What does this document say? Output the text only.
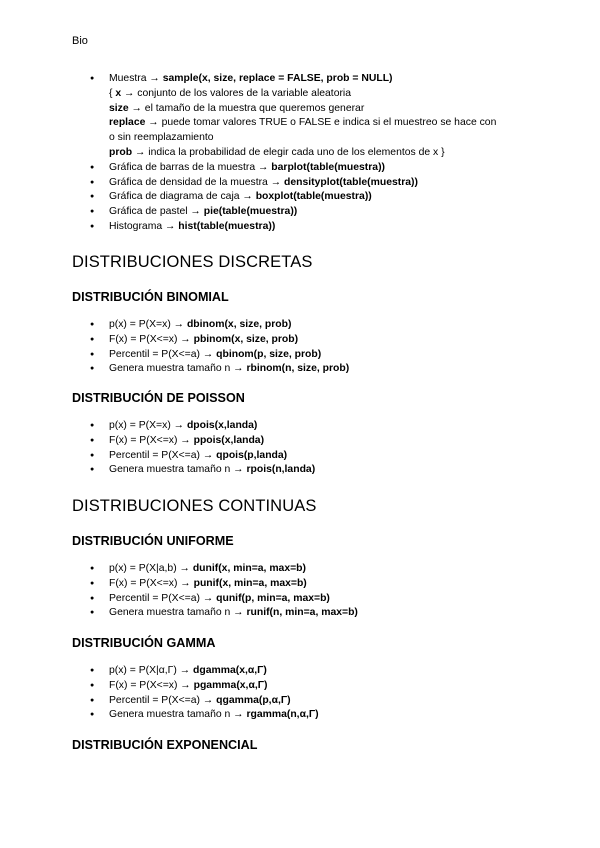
Bio
● Muestra → sample(x, size, replace = FALSE, prob = NULL)
{ x → conjunto de los valores de la variable aleatoria
size → el tamaño de la muestra que queremos generar
replace → puede tomar valores TRUE o FALSE e indica si el muestreo se hace con
o sin reemplazamiento
prob → indica la probabilidad de elegir cada uno de los elementos de x }
● Gráfica de barras de la muestra → barplot(table(muestra))
● Gráfica de densidad de la muestra → densityplot(table(muestra))
● Gráfica de diagrama de caja → boxplot(table(muestra))
● Gráfica de pastel → pie(table(muestra))
● Histograma → hist(table(muestra))
DISTRIBUCIONES DISCRETAS
DISTRIBUCIÓN BINOMIAL
● p(x) = P(X=x) → dbinom(x, size, prob)
● F(x) = P(X<=x) → pbinom(x, size, prob)
● Percentil = P(X<=a) → qbinom(p, size, prob)
● Genera muestra tamaño n → rbinom(n, size, prob)
DISTRIBUCIÓN DE POISSON
● p(x) = P(X=x) → dpois(x,landa)
● F(x) = P(X<=x) → ppois(x,landa)
● Percentil = P(X<=a) → qpois(p,landa)
● Genera muestra tamaño n → rpois(n,landa)
DISTRIBUCIONES CONTINUAS
DISTRIBUCIÓN UNIFORME
● p(x) = P(X|a,b) → dunif(x, min=a, max=b)
● F(x) = P(X<=x) → punif(x, min=a, max=b)
● Percentil = P(X<=a) → qunif(p, min=a, max=b)
● Genera muestra tamaño n → runif(n, min=a, max=b)
DISTRIBUCIÓN GAMMA
● p(x) = P(X|α,Γ) → dgamma(x,α,Γ)
● F(x) = P(X<=x) → pgamma(x,α,Γ)
● Percentil = P(X<=a) → qgamma(p,α,Γ)
● Genera muestra tamaño n → rgamma(n,α,Γ)
DISTRIBUCIÓN EXPONENCIAL
